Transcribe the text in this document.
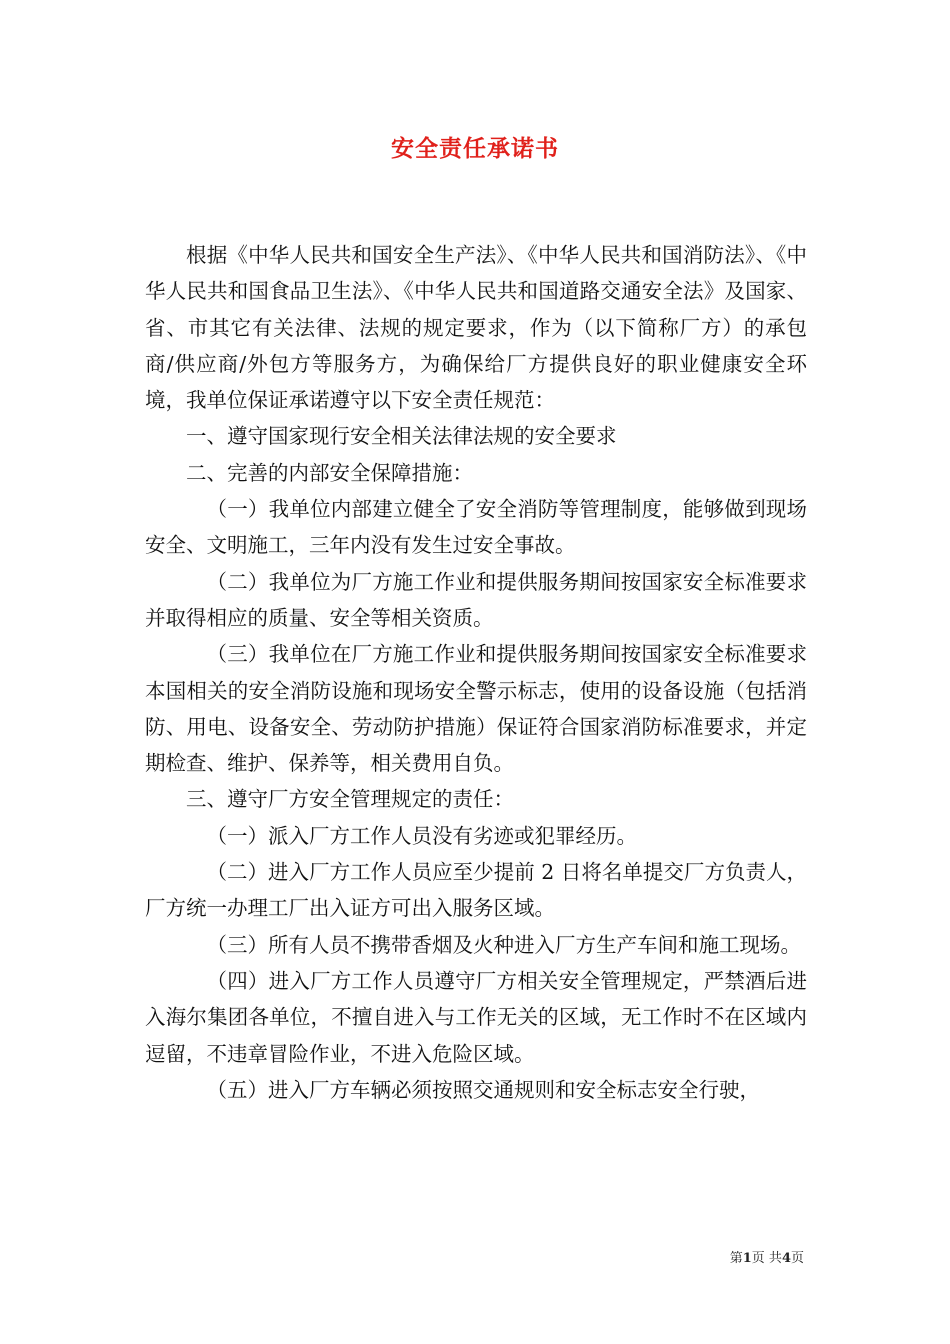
安全责任承诺书

根据《中华人民共和国安全生产法》、《中华人民共和国消防法》、《中华人民共和国食品卫生法》、《中华人民共和国道路交通安全法》及国家、省、市其它有关法律、法规的规定要求，作为（以下简称厂方）的承包商/供应商/外包方等服务方，为确保给厂方提供良好的职业健康安全环境，我单位保证承诺遵守以下安全责任规范：

一、遵守国家现行安全相关法律法规的安全要求

二、完善的内部安全保障措施：

（一）我单位内部建立健全了安全消防等管理制度，能够做到现场安全、文明施工，三年内没有发生过安全事故。

（二）我单位为厂方施工作业和提供服务期间按国家安全标准要求并取得相应的质量、安全等相关资质。

（三）我单位在厂方施工作业和提供服务期间按国家安全标准要求本国相关的安全消防设施和现场安全警示标志，使用的设备设施（包括消防、用电、设备安全、劳动防护措施）保证符合国家消防标准要求，并定期检查、维护、保养等，相关费用自负。

三、遵守厂方安全管理规定的责任：

（一）派入厂方工作人员没有劣迹或犯罪经历。

（二）进入厂方工作人员应至少提前 2 日将名单提交厂方负责人，厂方统一办理工厂出入证方可出入服务区域。

（三）所有人员不携带香烟及火种进入厂方生产车间和施工现场。

（四）进入厂方工作人员遵守厂方相关安全管理规定，严禁酒后进入海尔集团各单位，不擅自进入与工作无关的区域，无工作时不在区域内逗留，不违章冒险作业，不进入危险区域。

（五）进入厂方车辆必须按照交通规则和安全标志安全行驶，

第1页 共4页
